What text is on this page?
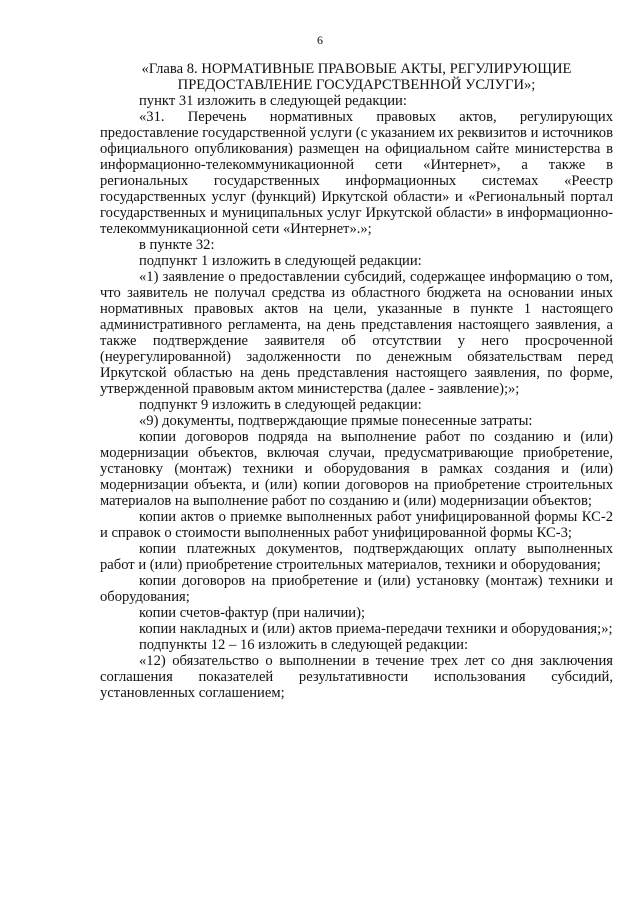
6

«Глава 8. НОРМАТИВНЫЕ ПРАВОВЫЕ АКТЫ, РЕГУЛИРУЮЩИЕ ПРЕДОСТАВЛЕНИЕ ГОСУДАРСТВЕННОЙ УСЛУГИ»;

пункт 31 изложить в следующей редакции:

«31. Перечень нормативных правовых актов, регулирующих предоставление государственной услуги (с указанием их реквизитов и источников официального опубликования) размещен на официальном сайте министерства в информационно-телекоммуникационной сети «Интернет», а также в региональных государственных информационных системах «Реестр государственных услуг (функций) Иркутской области» и «Региональный портал государственных и муниципальных услуг Иркутской области» в информационно-телекоммуникационной сети «Интернет».»;

в пункте 32:

подпункт 1 изложить в следующей редакции:

«1) заявление о предоставлении субсидий, содержащее информацию о том, что заявитель не получал средства из областного бюджета на основании иных нормативных правовых актов на цели, указанные в пункте 1 настоящего административного регламента, на день представления настоящего заявления, а также подтверждение заявителя об отсутствии у него просроченной (неурегулированной) задолженности по денежным обязательствам перед Иркутской областью на день представления настоящего заявления, по форме, утвержденной правовым актом министерства (далее - заявление);»;

подпункт 9 изложить в следующей редакции:

«9) документы, подтверждающие прямые понесенные затраты:

копии договоров подряда на выполнение работ по созданию и (или) модернизации объектов, включая случаи, предусматривающие приобретение, установку (монтаж) техники и оборудования в рамках создания и (или) модернизации объекта, и (или) копии договоров на приобретение строительных материалов на выполнение работ по созданию и (или) модернизации объектов;

копии актов о приемке выполненных работ унифицированной формы КС-2 и справок о стоимости выполненных работ унифицированной формы КС-3;

копии платежных документов, подтверждающих оплату выполненных работ и (или) приобретение строительных материалов, техники и оборудования;

копии договоров на приобретение и (или) установку (монтаж) техники и оборудования;

копии счетов-фактур (при наличии);

копии накладных и (или) актов приема-передачи техники и оборудования;»;

подпункты 12 – 16 изложить в следующей редакции:

«12) обязательство о выполнении в течение трех лет со дня заключения соглашения показателей результативности использования субсидий, установленных соглашением;
